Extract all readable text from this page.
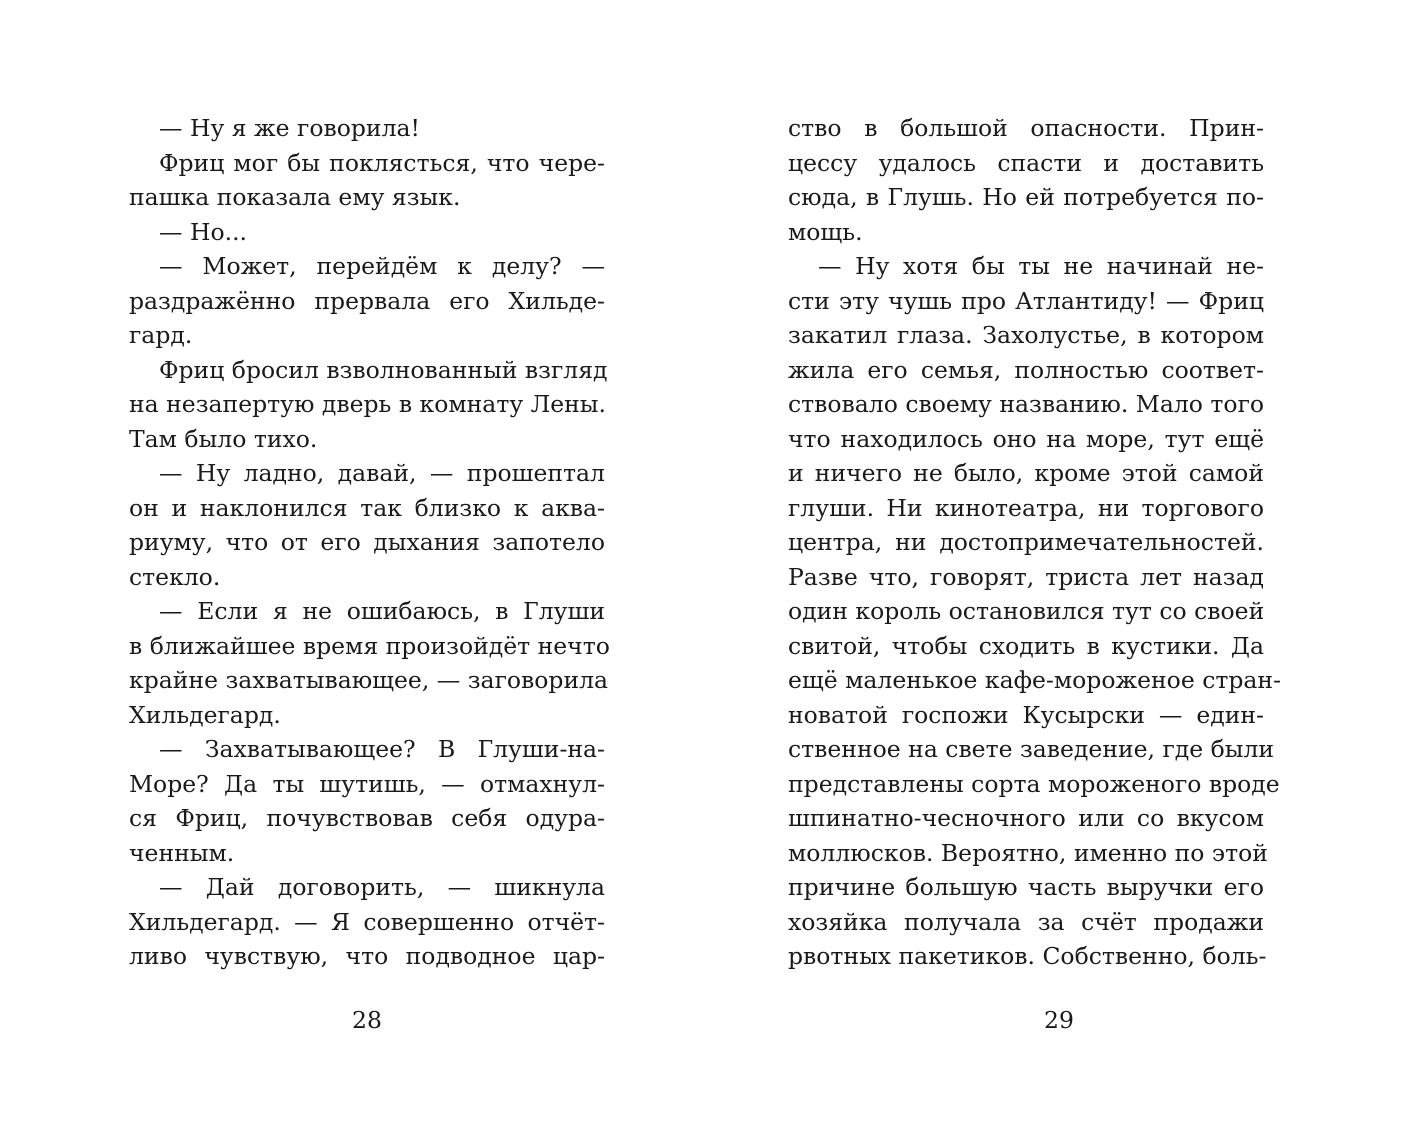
— Ну я же говорила!
Фриц мог бы поклясться, что чере-
пашка показала ему язык.
— Но...
— Может, перейдём к делу? —
раздражённо прервала его Хильде-
гард.
Фриц бросил взволнованный взгляд
на незапертую дверь в комнату Лены.
Там было тихо.
— Ну ладно, давай, — прошептал
он и наклонился так близко к аква-
риуму, что от его дыхания запотело
стекло.
— Если я не ошибаюсь, в Глуши
в ближайшее время произойдёт нечто
крайне захватывающее, — заговорила
Хильдегард.
— Захватывающее? В Глуши-на-
Море? Да ты шутишь, — отмахнул-
ся Фриц, почувствовав себя одура-
ченным.
— Дай договорить, — шикнула
Хильдегард. — Я совершенно отчёт-
ливо чувствую, что подводное цар-
28
ство в большой опасности. Прин-
цессу удалось спасти и доставить
сюда, в Глушь. Но ей потребуется по-
мощь.
— Ну хотя бы ты не начинай не-
сти эту чушь про Атлантиду! — Фриц
закатил глаза. Захолустье, в котором
жила его семья, полностью соответ-
ствовало своему названию. Мало того
что находилось оно на море, тут ещё
и ничего не было, кроме этой самой
глуши. Ни кинотеатра, ни торгового
центра, ни достопримечательностей.
Разве что, говорят, триста лет назад
один король остановился тут со своей
свитой, чтобы сходить в кустики. Да
ещё маленькое кафе-мороженое стран-
новатой госпожи Кусырски — един-
ственное на свете заведение, где были
представлены сорта мороженого вроде
шпинатно-чесночного или со вкусом
моллюсков. Вероятно, именно по этой
причине большую часть выручки его
хозяйка получала за счёт продажи
рвотных пакетиков. Собственно, боль-
29
